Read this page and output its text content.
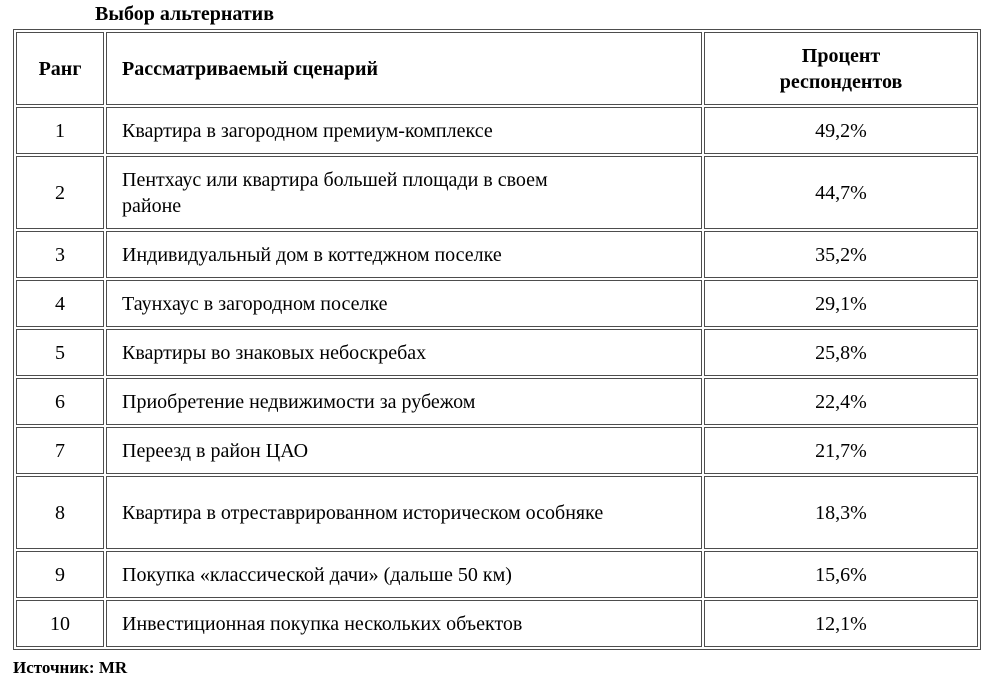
Выбор альтернатив
Ранг	Рассматриваемый сценарий	Процент респондентов
1	Квартира в загородном премиум-комплексе	49,2%
2	Пентхаус или квартира большей площади в своем районе	44,7%
3	Индивидуальный дом в коттеджном поселке	35,2%
4	Таунхаус в загородном поселке	29,1%
5	Квартиры во знаковых небоскребах	25,8%
6	Приобретение недвижимости за рубежом	22,4%
7	Переезд в район ЦАО	21,7%
8	Квартира в отреставрированном историческом особняке	18,3%
9	Покупка «классической дачи» (дальше 50 км)	15,6%
10	Инвестиционная покупка нескольких объектов	12,1%
Источник: MR
